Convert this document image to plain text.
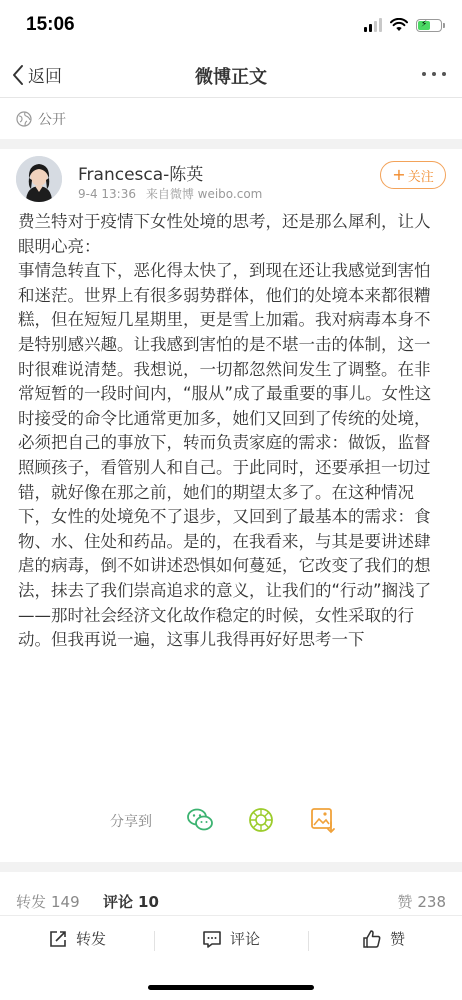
15:06	⚡
返回	微博正文
公开
Francesca-陈英
9-4 13:36 来自微博 weibo.com
+ 关注
费兰特对于疫情下女性处境的思考，还是那么犀利，让人眼明心亮：
事情急转直下，恶化得太快了，到现在还让我感觉到害怕和迷茫。世界上有很多弱势群体，他们的处境本来都很糟糕，但在短短几星期里，更是雪上加霜。我对病毒本身不是特别感兴趣。让我感到害怕的是不堪一击的体制，这一时很难说清楚。我想说，一切都忽然间发生了调整。在非常短暂的一段时间内，“服从”成了最重要的事儿。女性这时接受的命令比通常更加多，她们又回到了传统的处境，必须把自己的事放下，转而负责家庭的需求：做饭，监督照顾孩子，看管别人和自己。于此同时，还要承担一切过错，就好像在那之前，她们的期望太多了。在这种情况下，女性的处境免不了退步，又回到了最基本的需求：食物、水、住处和药品。是的，在我看来，与其是要讲述肆虐的病毒，倒不如讲述恐惧如何蔓延，它改变了我们的想法，抹去了我们崇高追求的意义，让我们的“行动”搁浅了——那时社会经济文化故作稳定的时候，女性采取的行动。但我再说一遍，这事儿我得再好好思考一下
分享到
转发 149 评论 10	赞 238
转发	评论	赞
